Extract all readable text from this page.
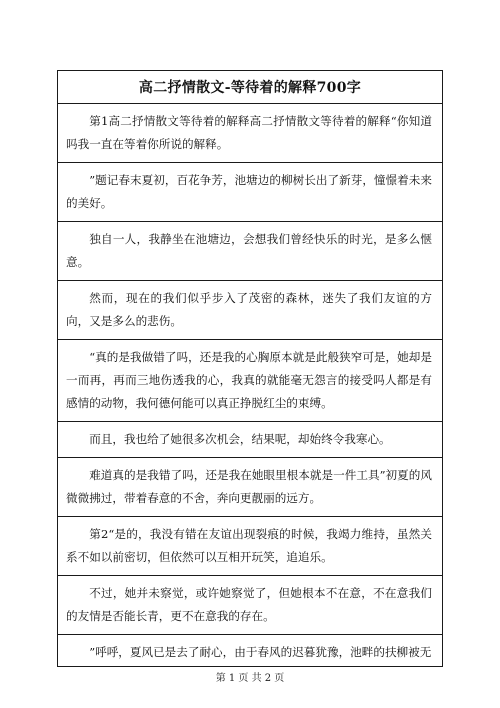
高二抒情散文-等待着的解释700字
第1高二抒情散文等待着的解释高二抒情散文等待着的解释“你知道吗我一直在等着你所说的解释。
”题记春末夏初，百花争芳，池塘边的柳树长出了新芽，憧憬着未来的美好。
独自一人，我静坐在池塘边，会想我们曾经快乐的时光，是多么惬意。
然而，现在的我们似乎步入了茂密的森林，迷失了我们友谊的方向，又是多么的悲伤。
“真的是我做错了吗，还是我的心胸原本就是此般狭窄可是，她却是一而再，再而三地伤透我的心，我真的就能毫无怨言的接受吗人都是有感情的动物，我何德何能可以真正挣脱红尘的束缚。
而且，我也给了她很多次机会，结果呢，却始终令我寒心。
难道真的是我错了吗，还是我在她眼里根本就是一件工具”初夏的风微微拂过，带着春意的不舍，奔向更靓丽的远方。
第2“是的，我没有错在友谊出现裂痕的时候，我竭力维持，虽然关系不如以前密切，但依然可以互相开玩笑，追追乐。
不过，她并未察觉，或许她察觉了，但她根本不在意，不在意我们的友情是否能长青，更不在意我的存在。
”呼呼，夏风已是去了耐心，由于春风的迟暮犹豫，池畔的扶柳被无
第 1 页 共 2 页
